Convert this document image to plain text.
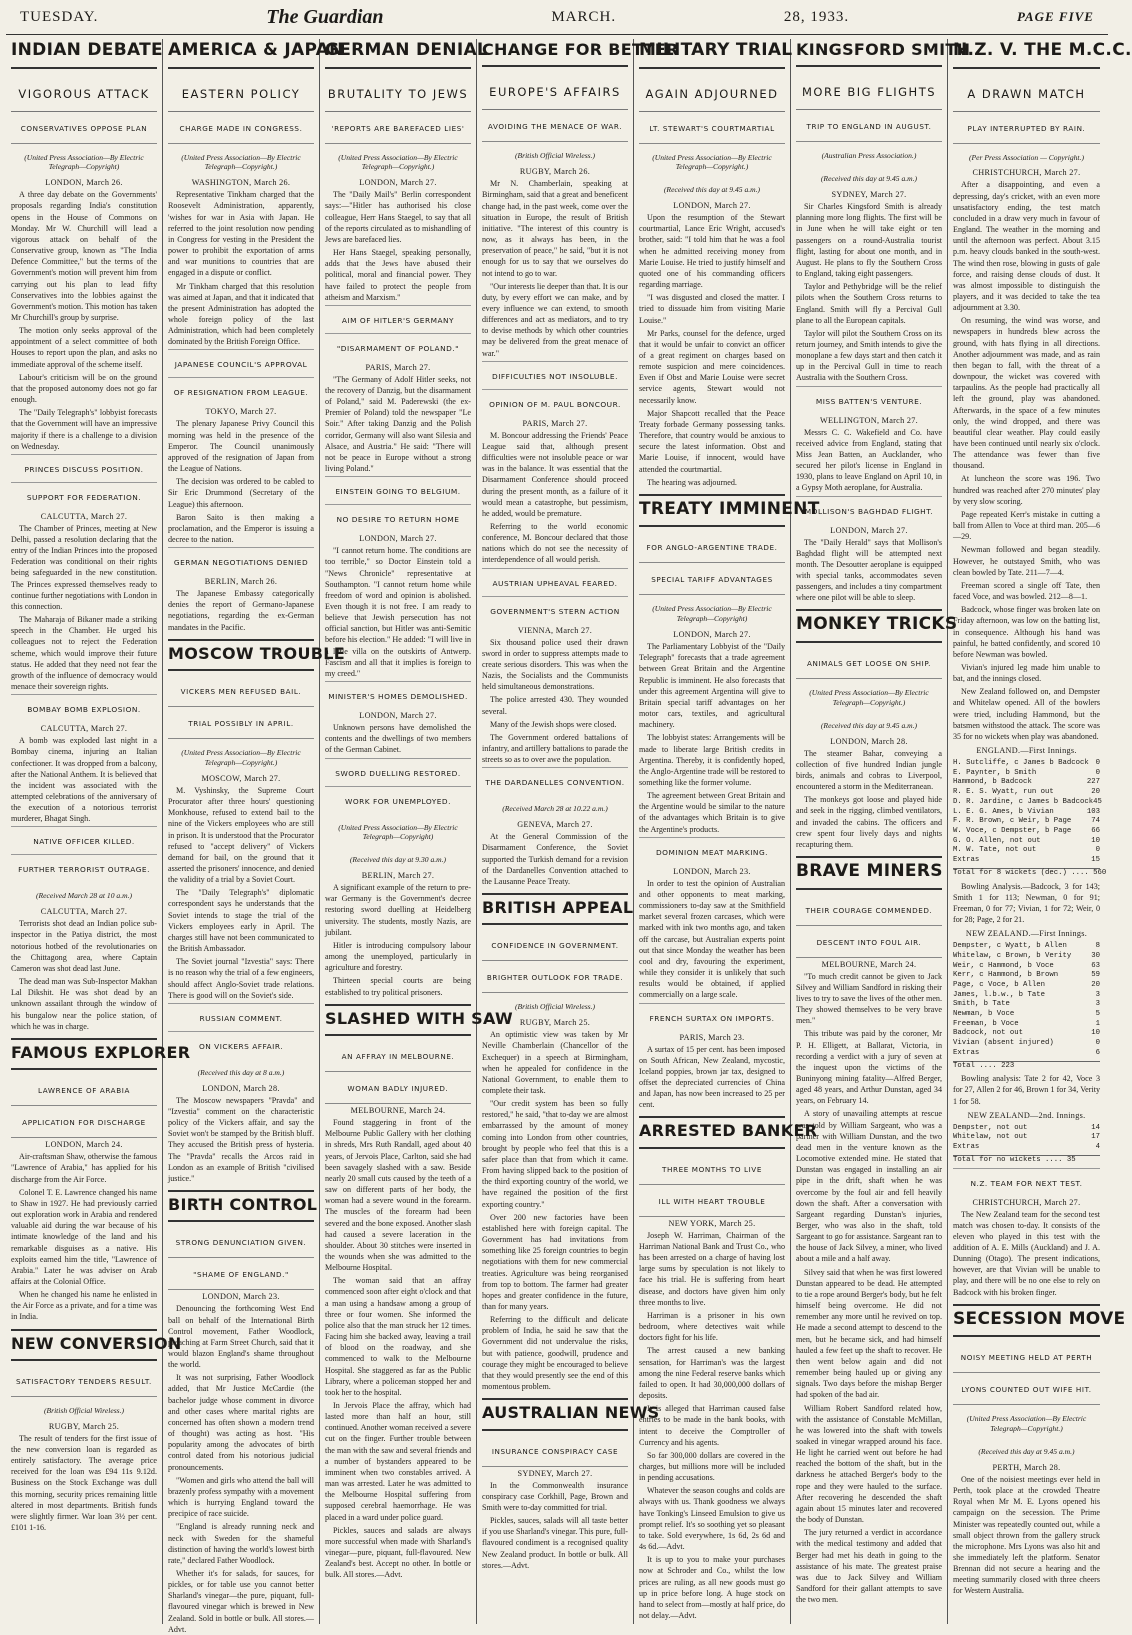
TUESDAY.	The Guardian	MARCH.	28, 1933.	PAGE FIVE
INDIAN DEBATE
VIGOROUS ATTACK
CONSERVATIVES OPPOSE PLAN
(United Press Association—By Electric Telegraph—Copyright)
LONDON, March 26.

A three day debate on the Governments' proposals regarding India's constitution opens in the House of Commons on Monday. Mr W. Churchill will lead a vigorous attack on behalf of the Conservative group, known as "The India Defence Committee," but the terms of the Government's motion will prevent him from carrying out his plan to lead fifty Conservatives into the lobbies against the Government's motion. This motion has taken Mr Churchill's group by surprise.

The motion only seeks approval of the appointment of a select committee of both Houses to report upon the plan, and asks no immediate approval of the scheme itself.

Labour's criticism will be on the ground that the proposed autonomy does not go far enough.

The "Daily Telegraph's" lobbyist forecasts that the Government will have an impressive majority if there is a challenge to a division on Wednesday.

PRINCES DISCUSS POSITION.
SUPPORT FOR FEDERATION.
CALCUTTA, March 27.

The Chamber of Princes, meeting at New Delhi, passed a resolution declaring that the entry of the Indian Princes into the proposed Federation was conditional on their rights being safeguarded in the new constitution. The Princes expressed themselves ready to continue further negotiations with London in this connection.

The Maharaja of Bikaner made a striking speech in the Chamber. He urged his colleagues not to reject the Federation scheme, which would improve their future status. He added that they need not fear the growth of the influence of democracy would menace their sovereign rights.

BOMBAY BOMB EXPLOSION.
CALCUTTA, March 27.

A bomb was exploded last night in a Bombay cinema, injuring an Italian confectioner. It was dropped from a balcony, after the National Anthem. It is believed that the incident was associated with the attempted celebrations of the anniversary of the execution of a notorious terrorist murderer, Bhagat Singh.

NATIVE OFFICER KILLED.
FURTHER TERRORIST OUTRAGE.
(Received March 28 at 10 a.m.)
CALCUTTA, March 27.

Terrorists shot dead an Indian police sub-inspector in the Patiya district, the most notorious hotbed of the revolutionaries on the Chittagong area, where Captain Cameron was shot dead last June.

The dead man was Sub-Inspector Makhan Lal Dikshit. He was shot dead by an unknown assailant through the window of his bungalow near the police station, of which he was in charge.

FAMOUS EXPLORER
LAWRENCE OF ARABIA
APPLICATION FOR DISCHARGE
LONDON, March 24.

Air-craftsman Shaw, otherwise the famous "Lawrence of Arabia," has applied for his discharge from the Air Force.

Colonel T. E. Lawrence changed his name to Shaw in 1927. He had previously carried out exploration work in Arabia and rendered valuable aid during the war because of his intimate knowledge of the land and his remarkable disguises as a native. His exploits earned him the title, "Lawrence of Arabia." Later he was adviser on Arab affairs at the Colonial Office.

When he changed his name he enlisted in the Air Force as a private, and for a time was in India.

NEW CONVERSION
SATISFACTORY TENDERS RESULT.
(British Official Wireless.)
RUGBY, March 25.

The result of tenders for the first issue of the new conversion loan is regarded as entirely satisfactory. The average price received for the loan was £94 11s 9.12d. Business on the Stock Exchange was dull this morning, security prices remaining little altered in most departments. British funds were slightly firmer. War loan 3½ per cent. £101 1-16.

AMERICA & JAPAN
EASTERN POLICY
CHARGE MADE IN CONGRESS.
(United Press Association—By Electric Telegraph—Copyright.)
WASHINGTON, March 26.

Representative Tinkham charged that the Roosevelt Administration, apparently, 'wishes for war in Asia with Japan. He referred to the joint resolution now pending in Congress for vesting in the President the power to prohibit the exportation of arms and war munitions to countries that are engaged in a dispute or conflict.

Mr Tinkham charged that this resolution was aimed at Japan, and that it indicated that the present Administration has adopted the whole foreign policy of the last Administration, which had been completely dominated by the British Foreign Office.

JAPANESE COUNCIL'S APPROVAL
OF RESIGNATION FROM LEAGUE.
TOKYO, March 27.

The plenary Japanese Privy Council this morning was held in the presence of the Emperor. The Council unanimously approved of the resignation of Japan from the League of Nations.

The decision was ordered to be cabled to Sir Eric Drummond (Secretary of the League) this afternoon.

Baron Saito is then making a proclamation, and the Emperor is issuing a decree to the nation.

GERMAN NEGOTIATIONS DENIED
BERLIN, March 26.

The Japanese Embassy categorically denies the report of Germano-Japanese negotiations, regarding the ex-German mandates in the Pacific.

MOSCOW TROUBLE
VICKERS MEN REFUSED BAIL.
TRIAL POSSIBLY IN APRIL.
(United Press Association—By Electric Telegraph—Copyright.)
MOSCOW, March 27.

M. Vyshinsky, the Supreme Court Procurator after three hours' questioning Monkhouse, refused to extend bail to the nine of the Vickers employees who are still in prison. It is understood that the Procurator refused to "accept delivery" of Vickers demand for bail, on the ground that it asserted the prisoners' innocence, and denied the validity of a trial by a Soviet Court.

The "Daily Telegraph's" diplomatic correspondent says he understands that the Soviet intends to stage the trial of the Vickers employees early in April. The charges still have not been communicated to the British Ambassador.

The Soviet journal "Izvestia" says: There is no reason why the trial of a few engineers, should affect Anglo-Soviet trade relations. There is good will on the Soviet's side.

RUSSIAN COMMENT.
ON VICKERS AFFAIR.
(Received this day at 8 a.m.)
LONDON, March 28.

The Moscow newspapers "Pravda" and "Izvestia" comment on the characteristic policy of the Vickers affair, and say the Soviet won't be stamped by the British bluff. They accused the British press of hysteria. The "Pravda" recalls the Arcos raid in London as an example of British "civilised justice."

BIRTH CONTROL
STRONG DENUNCIATION GIVEN.
"SHAME OF ENGLAND."
LONDON, March 23.

Denouncing the forthcoming West End ball on behalf of the International Birth Control movement, Father Woodlock, preaching at Farm Street Church, said that it would blazon England's shame throughout the world.

It was not surprising, Father Woodlock added, that Mr Justice McCardie (the bachelor judge whose comment in divorce and other cases where marital rights are concerned has often shown a modern trend of thought) was acting as host. "His popularity among the advocates of birth control dated from his notorious judicial pronouncements.

"Women and girls who attend the ball will brazenly profess sympathy with a movement which is hurrying England toward the precipice of race suicide.

"England is already running neck and neck with Sweden for the shameful distinction of having the world's lowest birth rate," declared Father Woodlock.

Whether it's for salads, for sauces, for pickles, or for table use you cannot better Sharland's vinegar—the pure, piquant, full-flavoured vinegar which is brewed in New Zealand. Sold in bottle or bulk. All stores.—Advt.

GERMAN DENIAL
BRUTALITY TO JEWS
'REPORTS ARE BAREFACED LIES'
(United Press Association—By Electric Telegraph—Copyright.)
LONDON, March 27.

The "Daily Mail's" Berlin correspondent says:—"Hitler has authorised his close colleague, Herr Hans Staegel, to say that all of the reports circulated as to mishandling of Jews are barefaced lies.

Her Hans Staegel, speaking personally, adds that the Jews have abused their political, moral and financial power. They have failed to protect the people from atheism and Marxism."

AIM OF HITLER'S GERMANY
"DISARMAMENT OF POLAND."
PARIS, March 27.

"The Germany of Adolf Hitler seeks, not the recovery of Danzig, but the disarmament of Poland," said M. Paderewski (the ex-Premier of Poland) told the newspaper "Le Soir." After taking Danzig and the Polish corridor, Germany will also want Silesia and Alsace, and Austria." He said: "There will not be peace in Europe without a strong living Poland."

EINSTEIN GOING TO BELGIUM.
NO DESIRE TO RETURN HOME
LONDON, March 27.

"I cannot return home. The conditions are too terrible," so Doctor Einstein told a "News Chronicle" representative at Southampton. "I cannot return home while freedom of word and opinion is abolished. Even though it is not free. I am ready to believe that Jewish persecution has not official sanction, but Hitler was anti-Semitic before his election." He added: "I will live in a little villa on the outskirts of Antwerp. Fascism and all that it implies is foreign to my creed."

MINISTER'S HOMES DEMOLISHED.
LONDON, March 27.

Unknown persons have demolished the contents and the dwellings of two members of the German Cabinet.

SWORD DUELLING RESTORED.
WORK FOR UNEMPLOYED.
(United Press Association—By Electric Telegraph—Copyright)
(Received this day at 9.30 a.m.)
BERLIN, March 27.

A significant example of the return to pre-war Germany is the Government's decree restoring sword duelling at Heidelberg university. The students, mostly Nazis, are jubilant.

Hitler is introducing compulsory labour among the unemployed, particularly in agriculture and forestry.

Thirteen special courts are being established to try political prisoners.

SLASHED WITH SAW
AN AFFRAY IN MELBOURNE.
WOMAN BADLY INJURED.
MELBOURNE, March 24.

Found staggering in front of the Melbourne Public Gallery with her clothing in shreds, Mrs Ruth Randall, aged about 40 years, of Jervois Place, Carlton, said she had been savagely slashed with a saw. Beside nearly 20 small cuts caused by the teeth of a saw on different parts of her body, the woman had a severe wound in the forearm. The muscles of the forearm had been severed and the bone exposed. Another slash had caused a severe laceration in the shoulder. About 30 stitches were inserted in the wounds when she was admitted to the Melbourne Hospital.

The woman said that an affray commenced soon after eight o'clock and that a man using a handsaw among a group of three or four women. She informed the police also that the man struck her 12 times. Facing him she backed away, leaving a trail of blood on the roadway, and she commenced to walk to the Melbourne Hospital. She staggered as far as the Public Library, where a policeman stopped her and took her to the hospital.

In Jervois Place the affray, which had lasted more than half an hour, still continued. Another woman received a severe cut on the finger. Further trouble between the man with the saw and several friends and a number of bystanders appeared to be imminent when two constables arrived. A man was arrested. Later he was admitted to the Melbourne Hospital suffering from supposed cerebral haemorrhage. He was placed in a ward under police guard.

Pickles, sauces and salads are always more successful when made with Sharland's vinegar—pure, piquant, full-flavoured. New Zealand's best. Accept no other. In bottle or bulk. All stores.—Advt.

CHANGE FOR BETTER
EUROPE'S AFFAIRS
AVOIDING THE MENACE OF WAR.
(British Official Wireless.)
RUGBY, March 26.

Mr N. Chamberlain, speaking at Birmingham, said that a great and beneficent change had, in the past week, come over the situation in Europe, the result of British initiative. "The interest of this country is now, as it always has been, in the preservation of peace," he said, "but it is not enough for us to say that we ourselves do not intend to go to war.

"Our interests lie deeper than that. It is our duty, by every effort we can make, and by every influence we can extend, to smooth differences and act as mediators, and to try to devise methods by which other countries may be delivered from the great menace of war."

DIFFICULTIES NOT INSOLUBLE.
OPINION OF M. PAUL BONCOUR.
PARIS, March 27.

M. Boncour addressing the Friends' Peace League said that, although present difficulties were not insoluble peace or war was in the balance. It was essential that the Disarmament Conference should proceed during the present month, as a failure of it would mean a catastrophe, but pessimism, he added, would be premature.

Referring to the world economic conference, M. Boncour declared that those nations which do not see the necessity of interdependence of all would perish.

AUSTRIAN UPHEAVAL FEARED.
GOVERNMENT'S STERN ACTION
VIENNA, March 27.

Six thousand police used their drawn sword in order to suppress attempts made to create serious disorders. This was when the Nazis, the Socialists and the Communists held simultaneous demonstrations.

The police arrested 430. They wounded several.

Many of the Jewish shops were closed.

The Government ordered battalions of infantry, and artillery battalions to parade the streets so as to over awe the population.

THE DARDANELLES CONVENTION.
(Received March 28 at 10.22 a.m.)
GENEVA, March 27.

At the General Commission of the Disarmament Conference, the Soviet supported the Turkish demand for a revision of the Dardanelles Convention attached to the Lausanne Peace Treaty.

BRITISH APPEAL
CONFIDENCE IN GOVERNMENT.
BRIGHTER OUTLOOK FOR TRADE.
(British Official Wireless.)
RUGBY, March 25.

An optimistic view was taken by Mr Neville Chamberlain (Chancellor of the Exchequer) in a speech at Birmingham, when he appealed for confidence in the National Government, to enable them to complete their task.

"Our credit system has been so fully restored," he said, "that to-day we are almost embarrassed by the amount of money coming into London from other countries, brought by people who feel that this is a safer place than that from which it came. From having slipped back to the position of the third exporting country of the world, we have regained the position of the first exporting country."

Over 200 new factories have been established here with foreign capital. The Government has had invitations from something like 25 foreign countries to begin negotiations with them for new commercial treaties. Agriculture was being reorganised from top to bottom. The farmer had greater hopes and greater confidence in the future, than for many years.

Referring to the difficult and delicate problem of India, he said he saw that the Government did not undervalue the risks, but with patience, goodwill, prudence and courage they might be encouraged to believe that they would presently see the end of this momentous problem.

AUSTRALIAN NEWS
INSURANCE CONSPIRACY CASE
SYDNEY, March 27.

In the Commonwealth insurance conspiracy case Corkhill, Page, Brown and Smith were to-day committed for trial.

Pickles, sauces, salads will all taste better if you use Sharland's vinegar. This pure, full-flavoured condiment is a recognised quality New Zealand product. In bottle or bulk. All stores.—Advt.

MILITARY TRIAL
AGAIN ADJOURNED
LT. STEWART'S COURTMARTIAL
(United Press Association—By Electric Telegraph—Copyright.)
(Received this day at 9.45 a.m.)
LONDON, March 27.

Upon the resumption of the Stewart courtmartial, Lance Eric Wright, accused's brother, said: "I told him that he was a fool when he admitted receiving money from Marie Louise. He tried to justify himself and quoted one of his commanding officers regarding marriage.

"I was disgusted and closed the matter. I tried to dissuade him from visiting Marie Louise."

Mr Parks, counsel for the defence, urged that it would be unfair to convict an officer of a great regiment on charges based on remote suspicion and mere coincidences. Even if Obst and Marie Louise were secret service agents, Stewart would not necessarily know.

Major Shapcott recalled that the Peace Treaty forbade Germany possessing tanks. Therefore, that country would be anxious to secure the latest information. Obst and Marie Louise, if innocent, would have attended the courtmartial.

The hearing was adjourned.

TREATY IMMINENT
FOR ANGLO-ARGENTINE TRADE.
SPECIAL TARIFF ADVANTAGES
(United Press Association—By Electric Telegraph—Copyright)
LONDON, March 27.

The Parliamentary Lobbyist of the "Daily Telegraph" forecasts that a trade agreement between Great Britain and the Argentine Republic is imminent. He also forecasts that under this agreement Argentina will give to Britain special tariff advantages on her motor cars, textiles, and agricultural machinery.

The lobbyist states: Arrangements will be made to liberate large British credits in Argentina. Thereby, it is confidently hoped, the Anglo-Argentine trade will be restored to something like the former volume.

The agreement between Great Britain and the Argentine would be similar to the nature of the advantages which Britain is to give the Argentine's products.

DOMINION MEAT MARKING.
LONDON, March 23.

In order to test the opinion of Australian and other opponents to meat marking, commissioners to-day saw at the Smithfield market several frozen carcases, which were marked with ink two months ago, and taken off the carcase, but Australian experts point out that since Monday the weather has been cool and dry, favouring the experiment, while they consider it is unlikely that such results would be obtained, if applied commercially on a large scale.

FRENCH SURTAX ON IMPORTS.
PARIS, March 23.

A surtax of 15 per cent. has been imposed on South African, New Zealand, mycostic, Iceland poppies, brown jar tax, designed to offset the depreciated currencies of China and Japan, has now been increased to 25 per cent.

ARRESTED BANKER
THREE MONTHS TO LIVE
ILL WITH HEART TROUBLE
NEW YORK, March 25.

Joseph W. Harriman, Chairman of the Harriman National Bank and Trust Co., who has been arrested on a charge of having lost large sums by speculation is not likely to face his trial. He is suffering from heart disease, and doctors have given him only three months to live.

Harriman is a prisoner in his own bedroom, where detectives wait while doctors fight for his life.

The arrest caused a new banking sensation, for Harriman's was the largest among the nine Federal reserve banks which failed to open. It had 30,000,000 dollars of deposits.

It is alleged that Harriman caused false entries to be made in the bank books, with intent to deceive the Comptroller of Currency and his agents.

So far 300,000 dollars are covered in the charges, but millions more will be included in pending accusations.

Whatever the season coughs and colds are always with us. Thank goodness we always have Tonking's Linseed Emulsion to give us prompt relief. It's so soothing yet so pleasant to take. Sold everywhere, 1s 6d, 2s 6d and 4s 6d.—Advt.

It is up to you to make your purchases now at Schroder and Co., whilst the low prices are ruling, as all new goods must go up in price before long. A huge stock on hand to select from—mostly at half price, do not delay.—Advt.

KINGSFORD SMITH
MORE BIG FLIGHTS
TRIP TO ENGLAND IN AUGUST.
(Australian Press Association.)
(Received this day at 9.45 a.m.)
SYDNEY, March 27.

Sir Charles Kingsford Smith is already planning more long flights. The first will be in June when he will take eight or ten passengers on a round-Australia tourist flight, lasting for about one month, and in August. He plans to fly the Southern Cross to England, taking eight passengers.

Taylor and Pethybridge will be the relief pilots when the Southern Cross returns to England. Smith will fly a Percival Gull plane to all the European capitals.

Taylor will pilot the Southern Cross on its return journey, and Smith intends to give the monoplane a few days start and then catch it up in the Percival Gull in time to reach Australia with the Southern Cross.

MISS BATTEN'S VENTURE.
WELLINGTON, March 27.

Messrs C. C. Wakefield and Co. have received advice from England, stating that Miss Jean Batten, an Aucklander, who secured her pilot's license in England in 1930, plans to leave England on April 10, in a Gypsy Moth aeroplane, for Australia.

MOLLISON'S BAGHDAD FLIGHT.
LONDON, March 27.

The "Daily Herald" says that Mollison's Baghdad flight will be attempted next month. The Desoutter aeroplane is equipped with special tanks, accommodates seven passengers, and includes a tiny compartment where one pilot will be able to sleep.

MONKEY TRICKS
ANIMALS GET LOOSE ON SHIP.
(United Press Association—By Electric Telegraph—Copyright.)
(Received this day at 9.45 a.m.)
LONDON, March 28.

The steamer Bahar, conveying a collection of five hundred Indian jungle birds, animals and cobras to Liverpool, encountered a storm in the Mediterranean.

The monkeys got loose and played hide and seek in the rigging, climbed ventilators, and invaded the cabins. The officers and crew spent four lively days and nights recapturing them.

BRAVE MINERS
THEIR COURAGE COMMENDED.
DESCENT INTO FOUL AIR.
MELBOURNE, March 24.

"To much credit cannot be given to Jack Silvey and William Sandford in risking their lives to try to save the lives of the other men. They showed themselves to be very brave men."

This tribute was paid by the coroner, Mr P. H. Elligett, at Ballarat, Victoria, in recording a verdict with a jury of seven at the inquest upon the victims of the Buninyong mining fatality—Alfred Berger, aged 48 years, and Arthur Dunstan, aged 34 years, on February 14.

A story of unavailing attempts at rescue was told by William Sargeant, who was a partner with William Dunstan, and the two dead men in the venture known as the Locomotive extended mine. He stated that Dunstan was engaged in installing an air pipe in the drift, shaft when he was overcome by the foul air and fell heavily down the shaft. After a conversation with Sargeant regarding Dunstan's injuries, Berger, who was also in the shaft, told Sargeant to go for assistance. Sargeant ran to the house of Jack Silvey, a miner, who lived about a mile and a half away.

Silvey said that when he was first lowered Dunstan appeared to be dead. He attempted to tie a rope around Berger's body, but he felt himself being overcome. He did not remember any more until he revived on top. He made a second attempt to descend to the men, but he became sick, and had himself hauled a few feet up the shaft to recover. He then went below again and did not remember being hauled up or giving any signals. Two days before the mishap Berger had spoken of the bad air.

William Robert Sandford related how, with the assistance of Constable McMillan, he was lowered into the shaft with towels soaked in vinegar wrapped around his face. He light he carried went out before he had reached the bottom of the shaft, but in the darkness he attached Berger's body to the rope and they were hauled to the surface. After recovering he descended the shaft again about 15 minutes later and recovered the body of Dunstan.

The jury returned a verdict in accordance with the medical testimony and added that Berger had met his death in going to the assistance of his mate. The greatest praise was due to Jack Silvey and William Sandford for their gallant attempts to save the two men.

N.Z. V. THE M.C.C.
A DRAWN MATCH
PLAY INTERRUPTED BY RAIN.
(Per Press Association — Copyright.)
CHRISTCHURCH, March 27.

After a disappointing, and even a depressing, day's cricket, with an even more unsatisfactory ending, the test match concluded in a draw very much in favour of England. The weather in the morning and until the afternoon was perfect. About 3.15 p.m. heavy clouds banked in the south-west. The wind then rose, blowing in gusts of gale force, and raising dense clouds of dust. It was almost impossible to distinguish the players, and it was decided to take the tea adjournment at 3.30.

On resuming, the wind was worse, and newspapers in hundreds blew across the ground, with hats flying in all directions. Another adjournment was made, and as rain then began to fall, with the threat of a downpour, the wicket was covered with tarpaulins. As the people had practically all left the ground, play was abandoned. Afterwards, in the space of a few minutes only, the wind dropped, and there was beautiful clear weather. Play could easily have been continued until nearly six o'clock. The attendance was fewer than five thousand.

At luncheon the score was 196. Two hundred was reached after 270 minutes' play by very slow scoring.

Page repeated Kerr's mistake in cutting a ball from Allen to Voce at third man. 205—6—29.

Newman followed and began steadily. However, he outstayed Smith, who was clean bowled by Tate. 211—7—4.

Freeman scored a single off Tate, then faced Voce, and was bowled. 212—8—1.

Badcock, whose finger was broken late on Friday afternoon, was low on the batting list, in consequence. Although his hand was painful, he batted confidently, and scored 10 before Newman was bowled.

Vivian's injured leg made him unable to bat, and the innings closed.

New Zealand followed on, and Dempster and Whitelaw opened. All of the bowlers were tried, including Hammond, but the batsmen withstood the attack. The score was 35 for no wickets when play was abandoned.

ENGLAND.—First Innings.
H. Sutcliffe, c James b Badcock 0
E. Paynter, b Smith	0
Hammond, b Badcock	227
R. E. S. Wyatt, run out	20
D. R. Jardine, c James b Badcock 45
L. E. G. Ames, b Vivian	103
F. R. Brown, c Weir, b Page	74
W. Voce, c Dempster, b Page	66
G. O. Allen, not out	10
M. W. Tate, not out	0
Extras	15
Total for 8 wickets (dec.) .... 560

Bowling Analysis.—Badcock, 3 for 143; Smith 1 for 113; Newman, 0 for 91; Freeman, 0 for 77; Vivian, 1 for 72; Weir, 0 for 28; Page, 2 for 21.

NEW ZEALAND.—First Innings.
Dempster, c Wyatt, b Allen	8
Whitelaw, c Brown, b Verity	30
Weir, c Hammond, b Voce	63
Kerr, c Hammond, b Brown	59
Page, c Voce, b Allen	20
James, l.b.w., b Tate	3
Smith, b Tate	3
Newman, b Voce	5
Freeman, b Voce	1
Badcock, not out	10
Vivian (absent injured)	0
Extras	6
Total .... 223

Bowling analysis: Tate 2 for 42, Voce 3 for 27, Allen 2 for 46, Brown 1 for 34, Verity 1 for 58.

NEW ZEALAND—2nd. Innings.
Dempster, not out	14
Whitelaw, not out	17
Extras	4
Total for no wickets .... 35
N.Z. TEAM FOR NEXT TEST.
CHRISTCHURCH, March 27.

The New Zealand team for the second test match was chosen to-day. It consists of the eleven who played in this test with the addition of A. E. Mills (Auckland) and J. A. Dunning (Otago). The present indications, however, are that Vivian will be unable to play, and there will be no one else to rely on Badcock with his broken finger.

SECESSION MOVE
NOISY MEETING HELD AT PERTH
LYONS COUNTED OUT WIFE HIT.
(United Press Association—By Electric Telegraph—Copyright.)
(Received this day at 9.45 a.m.)
PERTH, March 28.

One of the noisiest meetings ever held in Perth, took place at the crowded Theatre Royal when Mr M. E. Lyons opened his campaign on the secession. The Prime Minister was repeatedly counted out, while a small object thrown from the gallery struck the microphone. Mrs Lyons was also hit and she immediately left the platform. Senator Brennan did not secure a hearing and the meeting summarily closed with three cheers for Western Australia.
